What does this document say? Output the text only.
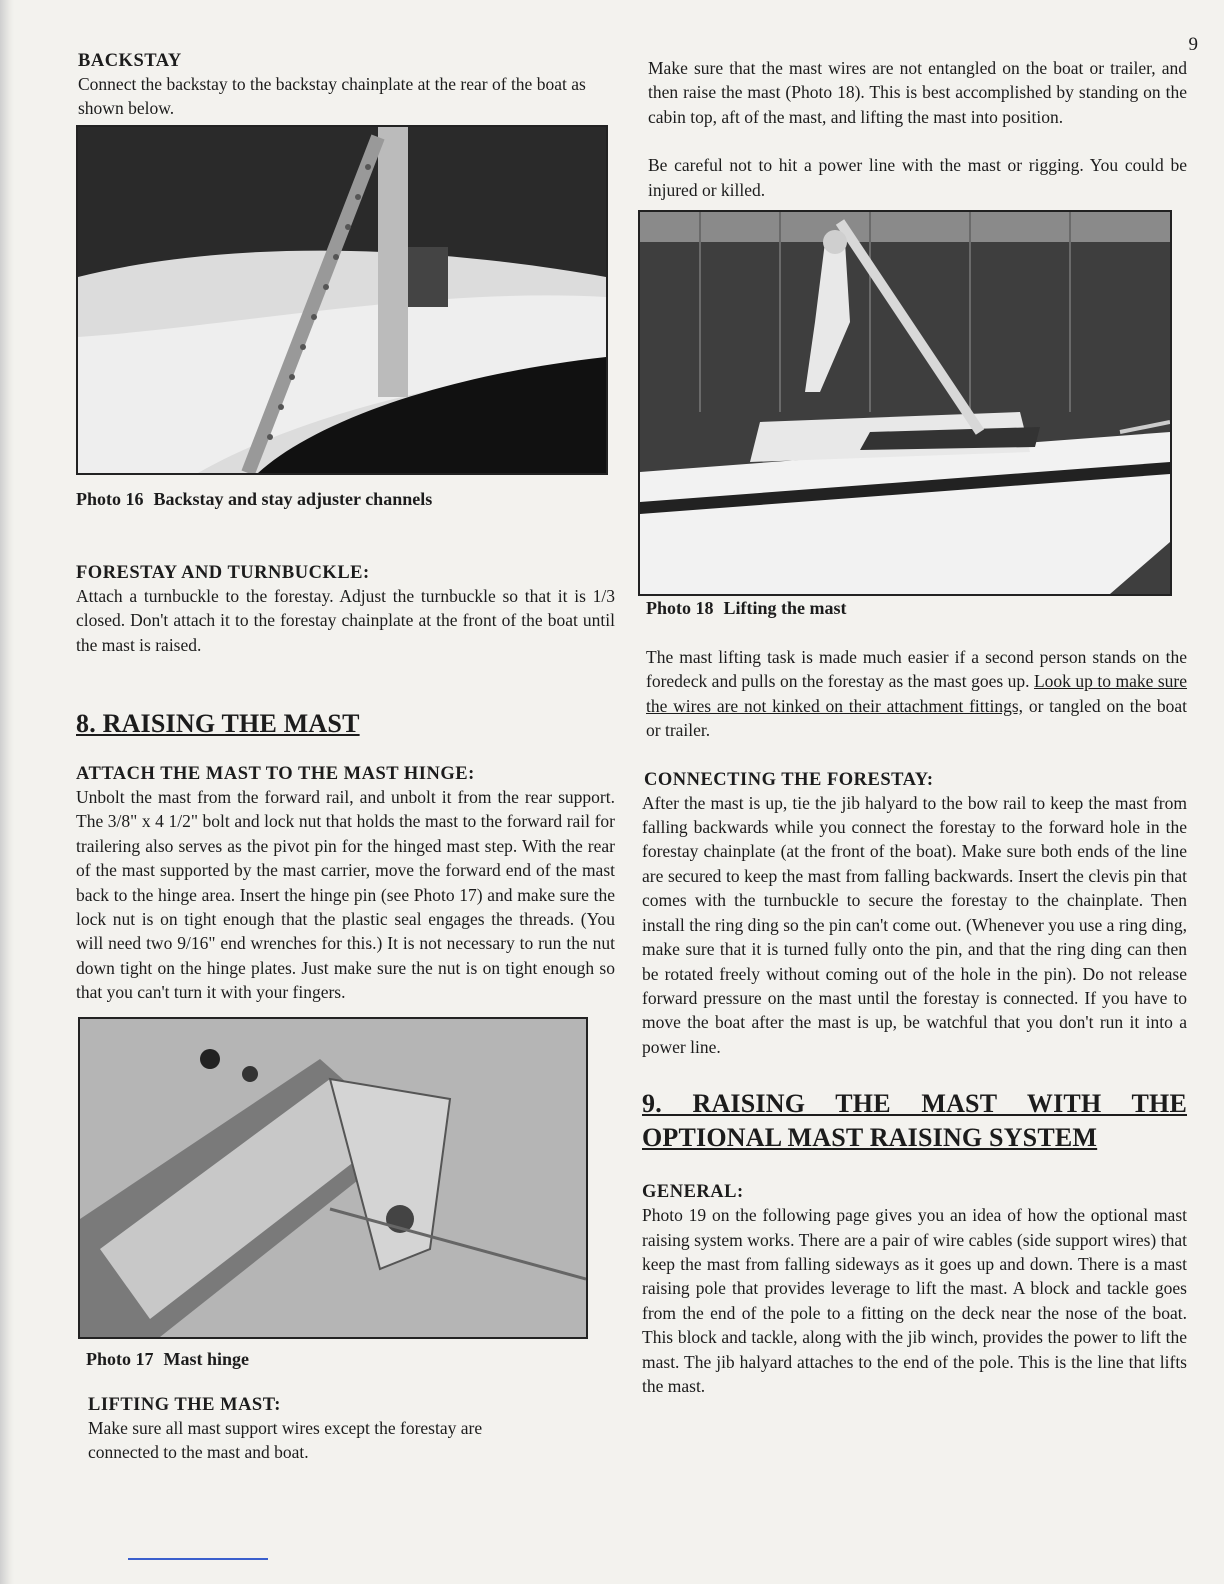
9
BACKSTAY

Connect the backstay to the backstay chainplate at the rear of the boat as shown below.

Photo 16 Backstay and stay adjuster channels
FORESTAY AND TURNBUCKLE:

Attach a turnbuckle to the forestay. Adjust the turnbuckle so that it is 1/3 closed. Don't attach it to the forestay chainplate at the front of the boat until the mast is raised.

8. RAISING THE MAST
ATTACH THE MAST TO THE MAST HINGE:

Unbolt the mast from the forward rail, and unbolt it from the rear support. The 3/8" x 4 1/2" bolt and lock nut that holds the mast to the forward rail for trailering also serves as the pivot pin for the hinged mast step. With the rear of the mast supported by the mast carrier, move the forward end of the mast back to the hinge area. Insert the hinge pin (see Photo 17) and make sure the lock nut is on tight enough that the plastic seal engages the threads. (You will need two 9/16" end wrenches for this.) It is not necessary to run the nut down tight on the hinge plates. Just make sure the nut is on tight enough so that you can't turn it with your fingers.

Photo 17 Mast hinge
LIFTING THE MAST:

Make sure all mast support wires except the forestay are connected to the mast and boat.

Make sure that the mast wires are not entangled on the boat or trailer, and then raise the mast (Photo 18). This is best accomplished by standing on the cabin top, aft of the mast, and lifting the mast into position.

Be careful not to hit a power line with the mast or rigging. You could be injured or killed.

Photo 18 Lifting the mast

The mast lifting task is made much easier if a second person stands on the foredeck and pulls on the forestay as the mast goes up. Look up to make sure the wires are not kinked on their attachment fittings, or tangled on the boat or trailer.

CONNECTING THE FORESTAY:

After the mast is up, tie the jib halyard to the bow rail to keep the mast from falling backwards while you connect the forestay to the forward hole in the forestay chainplate (at the front of the boat). Make sure both ends of the line are secured to keep the mast from falling backwards. Insert the clevis pin that comes with the turnbuckle to secure the forestay to the chainplate. Then install the ring ding so the pin can't come out. (Whenever you use a ring ding, make sure that it is turned fully onto the pin, and that the ring ding can then be rotated freely without coming out of the hole in the pin). Do not release forward pressure on the mast until the forestay is connected. If you have to move the boat after the mast is up, be watchful that you don't run it into a power line.

9. RAISING THE MAST WITH THE OPTIONAL MAST RAISING SYSTEM
GENERAL:

Photo 19 on the following page gives you an idea of how the optional mast raising system works. There are a pair of wire cables (side support wires) that keep the mast from falling sideways as it goes up and down. There is a mast raising pole that provides leverage to lift the mast. A block and tackle goes from the end of the pole to a fitting on the deck near the nose of the boat. This block and tackle, along with the jib winch, provides the power to lift the mast. The jib halyard attaches to the end of the pole. This is the line that lifts the mast.
